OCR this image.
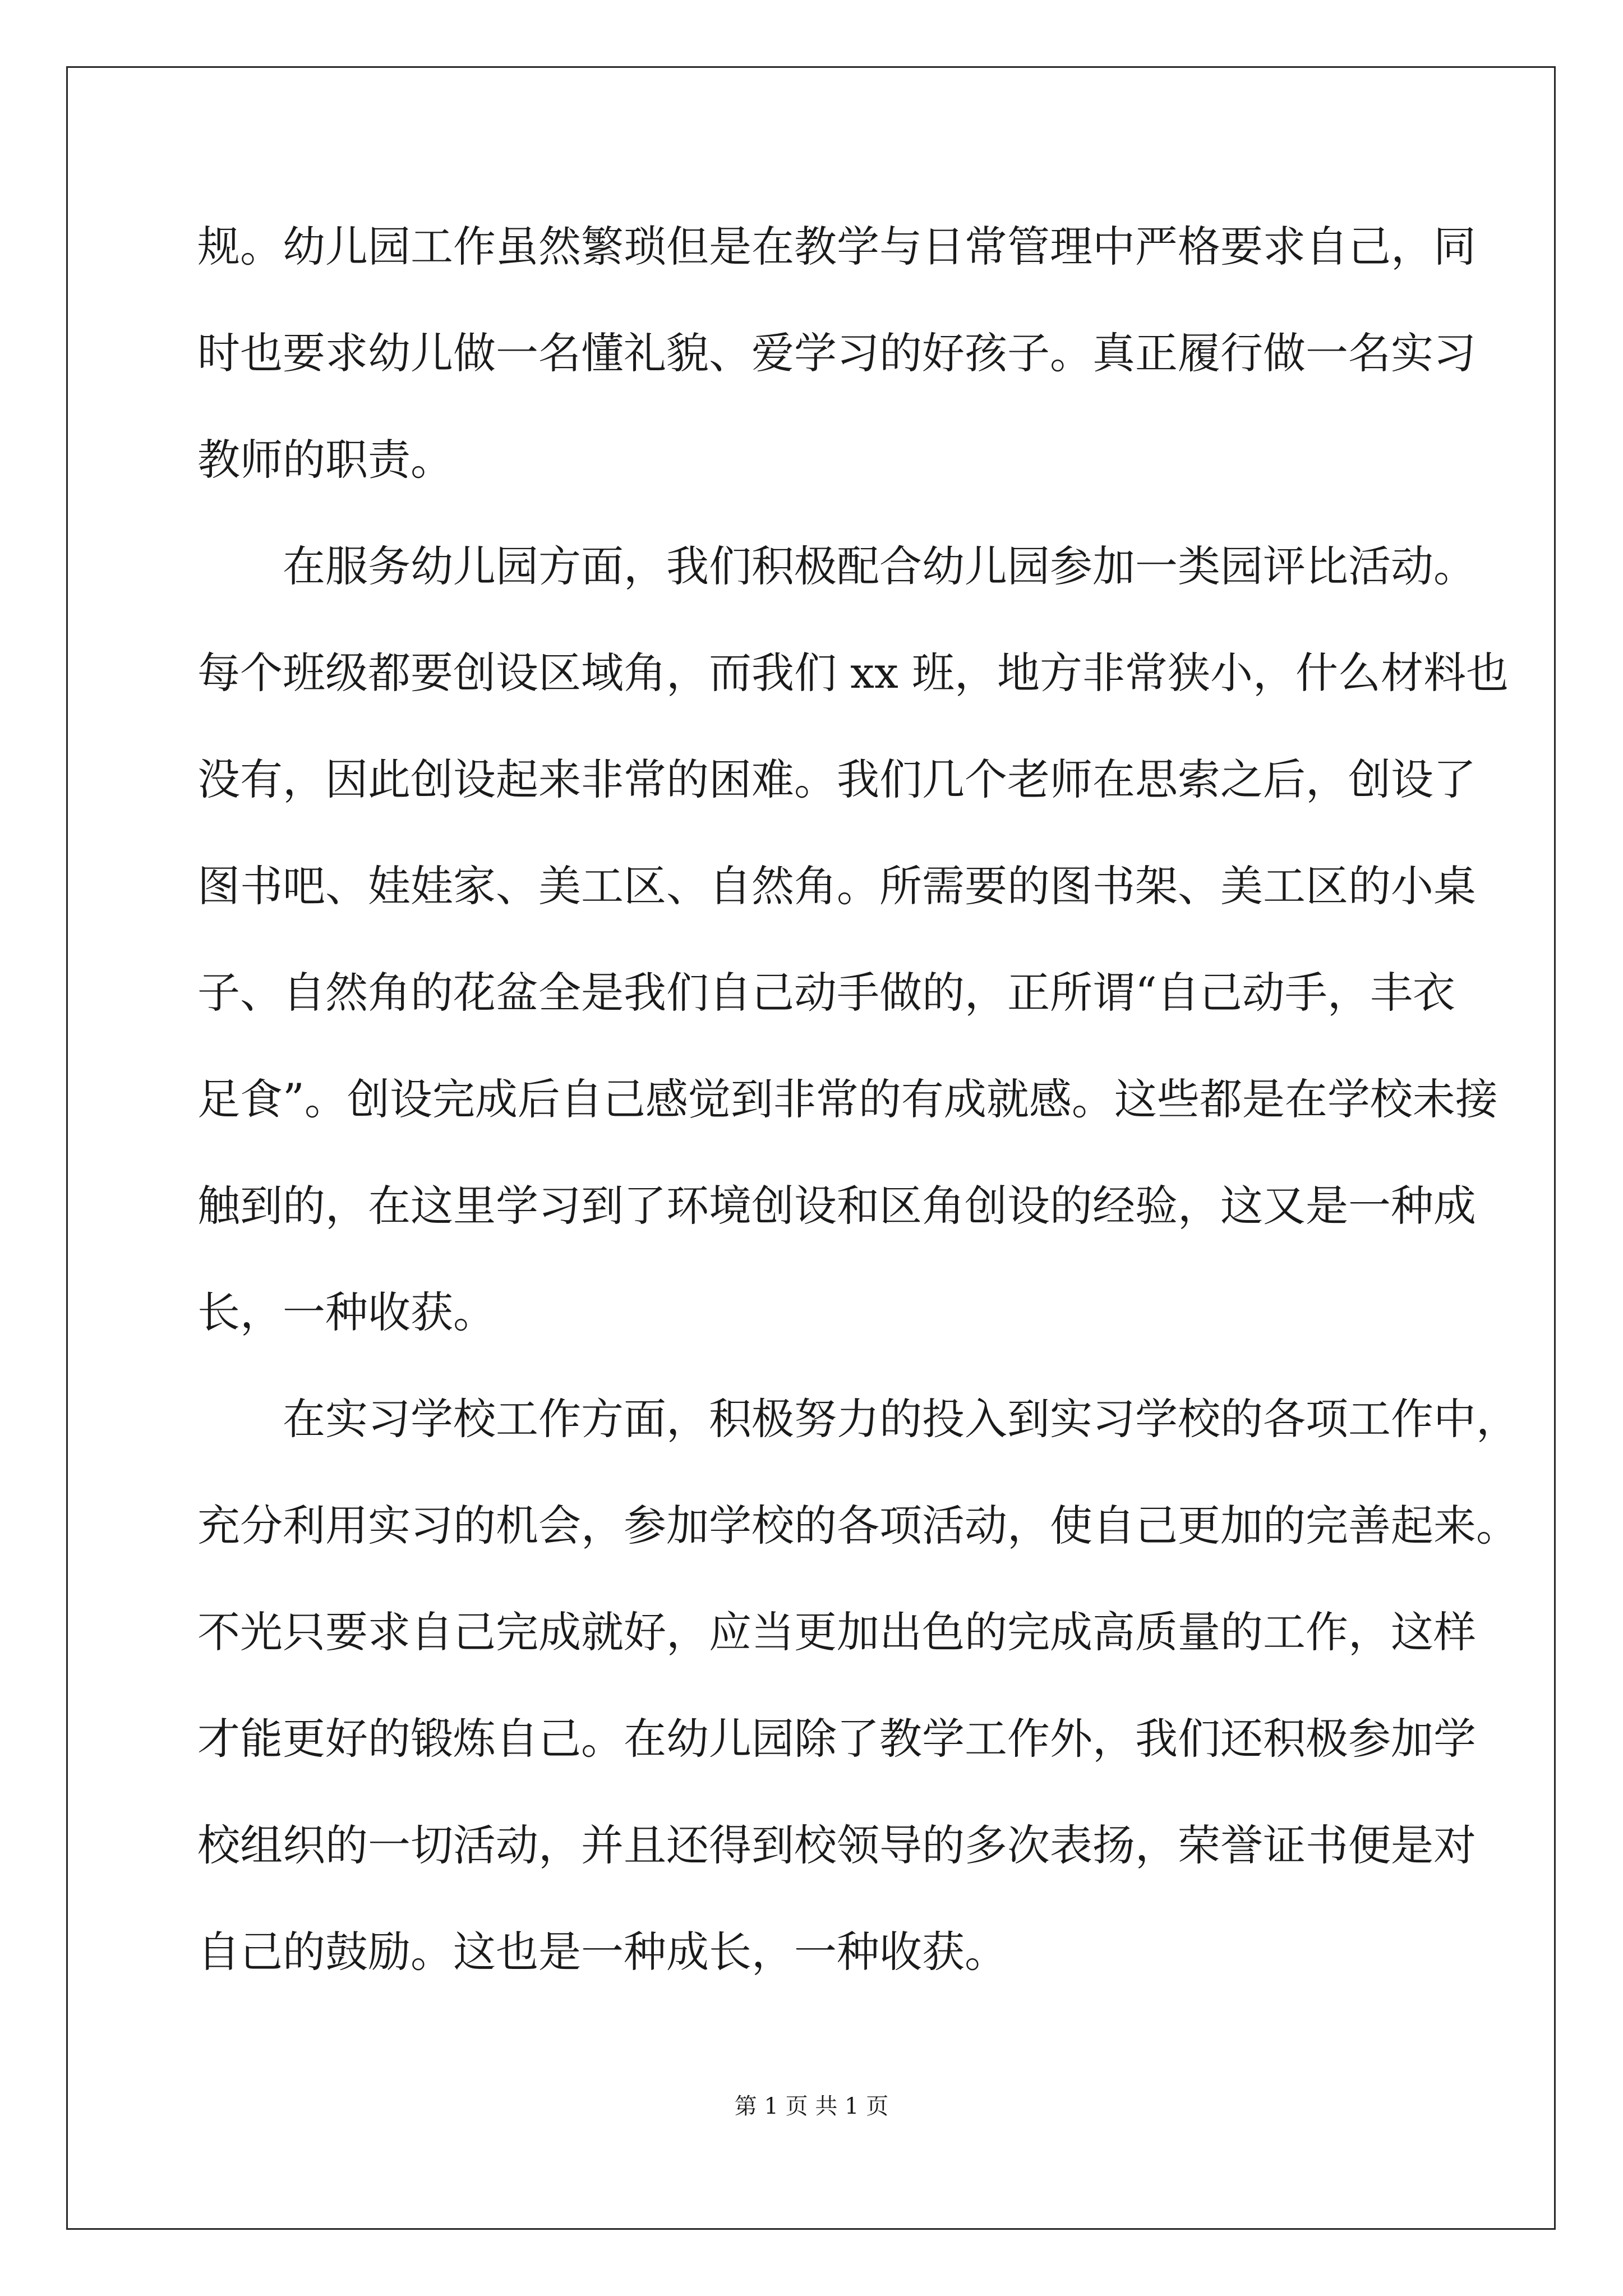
规。幼儿园工作虽然繁琐但是在教学与日常管理中严格要求自己，同
时也要求幼儿做一名懂礼貌、爱学习的好孩子。真正履行做一名实习
教师的职责。
在服务幼儿园方面，我们积极配合幼儿园参加一类园评比活动。
每个班级都要创设区域角，而我们 xx 班，地方非常狭小，什么材料也
没有，因此创设起来非常的困难。我们几个老师在思索之后，创设了
图书吧、娃娃家、美工区、自然角。所需要的图书架、美工区的小桌
子、自然角的花盆全是我们自己动手做的，正所谓“自己动手，丰衣
足食”。创设完成后自己感觉到非常的有成就感。这些都是在学校未接
触到的，在这里学习到了环境创设和区角创设的经验，这又是一种成
长，一种收获。
在实习学校工作方面，积极努力的投入到实习学校的各项工作中，
充分利用实习的机会，参加学校的各项活动，使自己更加的完善起来。
不光只要求自己完成就好，应当更加出色的完成高质量的工作，这样
才能更好的锻炼自己。在幼儿园除了教学工作外，我们还积极参加学
校组织的一切活动，并且还得到校领导的多次表扬，荣誉证书便是对
自己的鼓励。这也是一种成长，一种收获。
第 1 页 共 1 页
